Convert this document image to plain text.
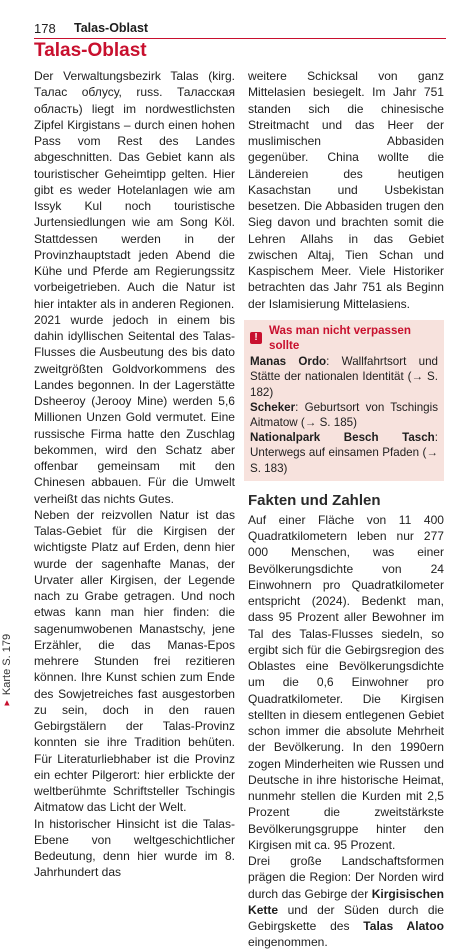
178 Talas-Oblast
Talas-Oblast

Der Verwaltungsbezirk Talas (kirg. Талас облусу, russ. Таласская область) liegt im nordwestlichsten Zipfel Kirgistans – durch einen hohen Pass vom Rest des Landes abgeschnitten. Das Gebiet kann als touristischer Geheimtipp gelten. Hier gibt es weder Hotelanlagen wie am Issyk Kul noch touristische Jurtensiedlungen wie am Song Köl. Stattdessen werden in der Provinzhauptstadt jeden Abend die Kühe und Pferde am Regierungssitz vorbeigetrieben. Auch die Natur ist hier intakter als in anderen Regionen.

2021 wurde jedoch in einem bis dahin idyllischen Seitental des Talas-Flusses die Ausbeutung des bis dato zweitgrößten Goldvorkommens des Landes begonnen. In der Lagerstätte Dsheeroy (Jerooy Mine) werden 5,6 Millionen Unzen Gold vermutet. Eine russische Firma hatte den Zuschlag bekommen, wird den Schatz aber offenbar gemeinsam mit den Chinesen abbauen. Für die Umwelt verheißt das nichts Gutes.

Neben der reizvollen Natur ist das Talas-Gebiet für die Kirgisen der wichtigste Platz auf Erden, denn hier wurde der sagenhafte Manas, der Urvater aller Kirgisen, der Legende nach zu Grabe getragen. Und noch etwas kann man hier finden: die sagenumwobenen Manastschy, jene Erzähler, die das Manas-Epos mehrere Stunden frei rezitieren können. Ihre Kunst schien zum Ende des Sowjetreiches fast ausgestorben zu sein, doch in den rauen Gebirgstälern der Talas-Provinz konnten sie ihre Tradition behüten. Für Literaturliebhaber ist die Provinz ein echter Pilgerort: hier erblickte der weltberühmte Schriftsteller Tschingis Aitmatow das Licht der Welt.

In historischer Hinsicht ist die Talas-Ebene von weltgeschichtlicher Bedeutung, denn hier wurde im 8. Jahrhundert das

weitere Schicksal von ganz Mittelasien besiegelt. Im Jahr 751 standen sich die chinesische Streitmacht und das Heer der muslimischen Abbasiden gegenüber. China wollte die Ländereien des heutigen Kasachstan und Usbekistan besetzen. Die Abbasiden trugen den Sieg davon und brachten somit die Lehren Allahs in das Gebiet zwischen Altaj, Tien Schan und Kaspischem Meer. Viele Historiker betrachten das Jahr 751 als Beginn der Islamisierung Mittelasiens.

!
Was man nicht verpassen sollte

Manas Ordo: Wallfahrtsort und Stätte der nationalen Identität (→ S. 182)

Scheker: Geburtsort von Tschingis Aitmatow (→ S. 185)

Nationalpark Besch Tasch: Unterwegs auf einsamen Pfaden (→ S. 183)

Fakten und Zahlen

Auf einer Fläche von 11 400 Quadratkilometern leben nur 277 000 Menschen, was einer Bevölkerungsdichte von 24 Einwohnern pro Quadratkilometer entspricht (2024). Bedenkt man, dass 95 Prozent aller Bewohner im Tal des Talas-Flusses siedeln, so ergibt sich für die Gebirgsregion des Oblastes eine Bevölkerungsdichte um die 0,6 Einwohner pro Quadratkilometer. Die Kirgisen stellten in diesem entlegenen Gebiet schon immer die absolute Mehrheit der Bevölkerung. In den 1990ern zogen Minderheiten wie Russen und Deutsche in ihre historische Heimat, nunmehr stellen die Kurden mit 2,5 Prozent die zweitstärkste Bevölkerungsgruppe hinter den Kirgisen mit ca. 95 Prozent.

Drei große Landschaftsformen prägen die Region: Der Norden wird durch das Gebirge der Kirgisischen Kette und der Süden durch die Gebirgskette des Talas Alatoo eingenommen.

▲Karte S. 179
